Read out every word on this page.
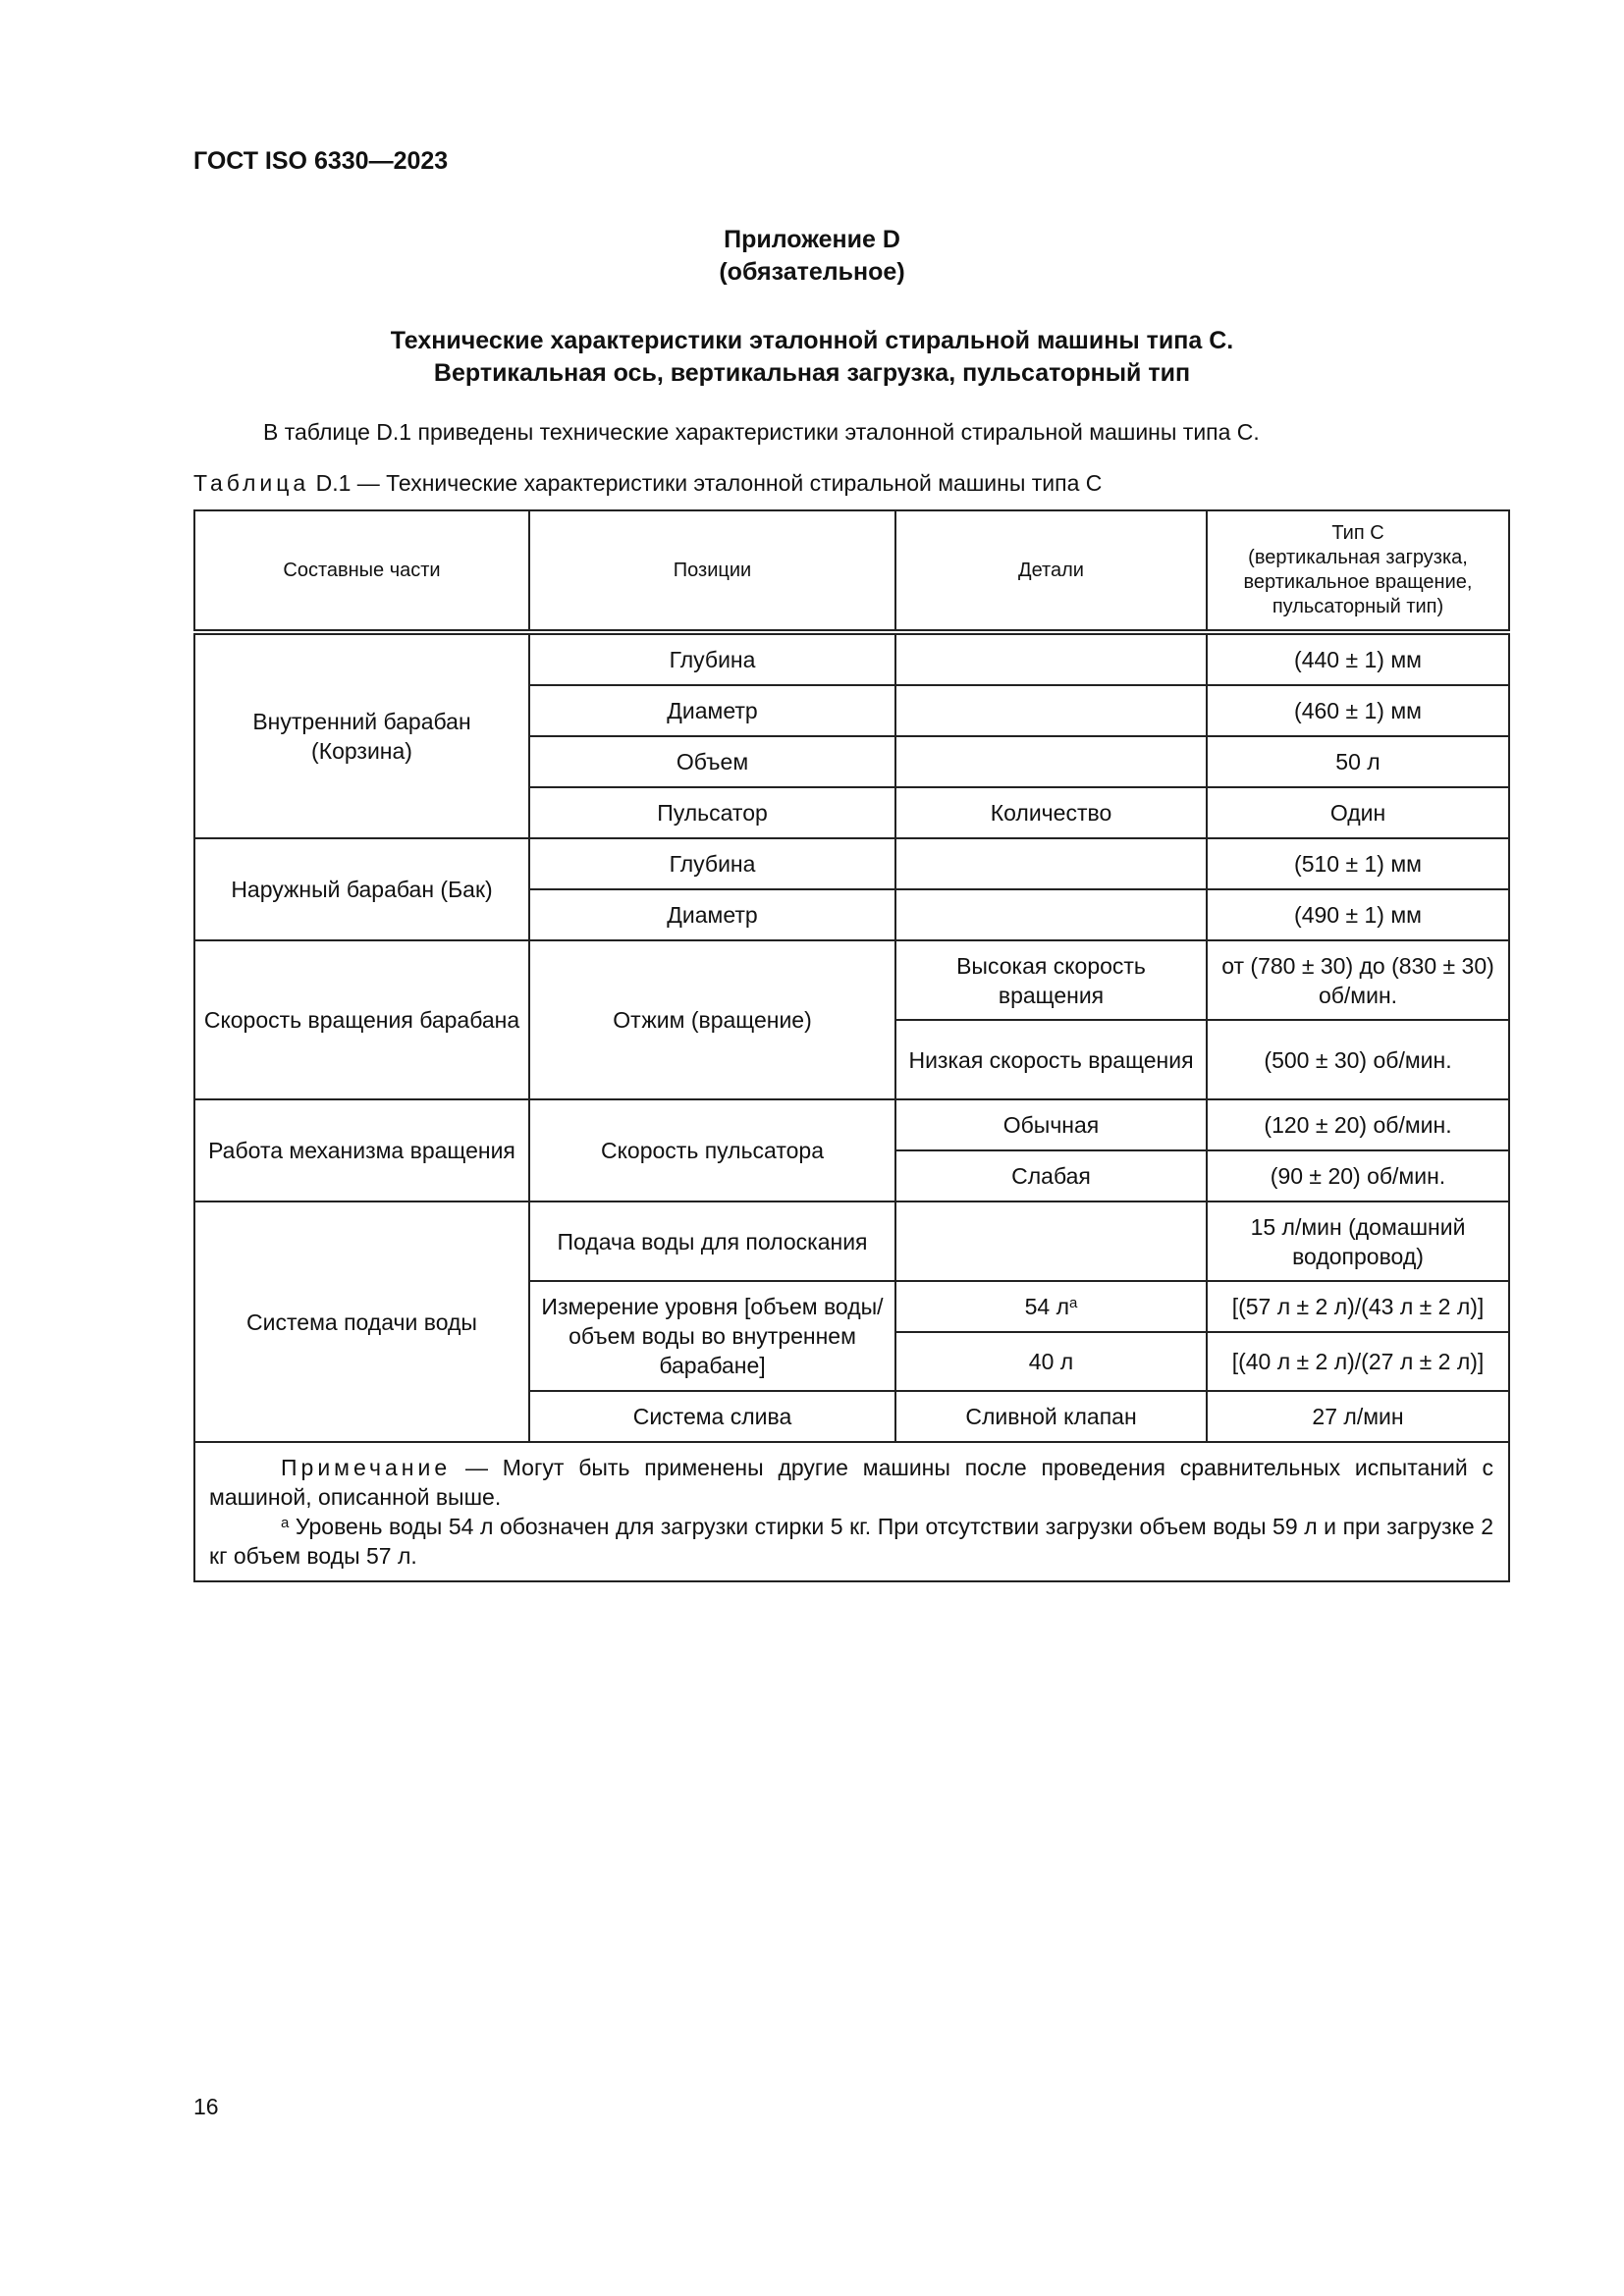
ГОСТ ISO 6330—2023
Приложение D
(обязательное)
Технические характеристики эталонной стиральной машины типа С.
Вертикальная ось, вертикальная загрузка, пульсаторный тип
В таблице D.1 приведены технические характеристики эталонной стиральной машины типа С.
Таблица D.1 — Технические характеристики эталонной стиральной машины типа С
Составные части	Позиции	Детали	Тип С
(вертикальная загрузка,
вертикальное вращение,
пульсаторный тип)
Внутренний барабан (Корзина)	Глубина		(440 ± 1) мм
	Диаметр		(460 ± 1) мм
	Объем		50 л
	Пульсатор	Количество	Один
Наружный барабан (Бак)	Глубина		(510 ± 1) мм
	Диаметр		(490 ± 1) мм
Скорость вращения барабана	Отжим (вращение)	Высокая скорость вращения	от (780 ± 30) до (830 ± 30) об/мин.
		Низкая скорость вращения	(500 ± 30) об/мин.
Работа механизма вращения	Скорость пульсатора	Обычная	(120 ± 20) об/мин.
		Слабая	(90 ± 20) об/мин.
Система подачи воды	Подача воды для полоскания		15 л/мин (домашний водопровод)
	Измерение уровня [объем воды/объем воды во внутреннем барабане]	54 $л^a$	[(57 л ± 2 л)/(43 л ± 2 л)]
		40 л	[(40 л ± 2 л)/(27 л ± 2 л)]
	Система слива	Сливной клапан	27 л/мин

Примечание — Могут быть применены другие машины после проведения сравнительных испытаний с машиной, описанной выше.
$^a$ Уровень воды 54 л обозначен для загрузки стирки 5 кг. При отсутствии загрузки объем воды 59 л и при загрузке 2 кг объем воды 57 л.			
16
